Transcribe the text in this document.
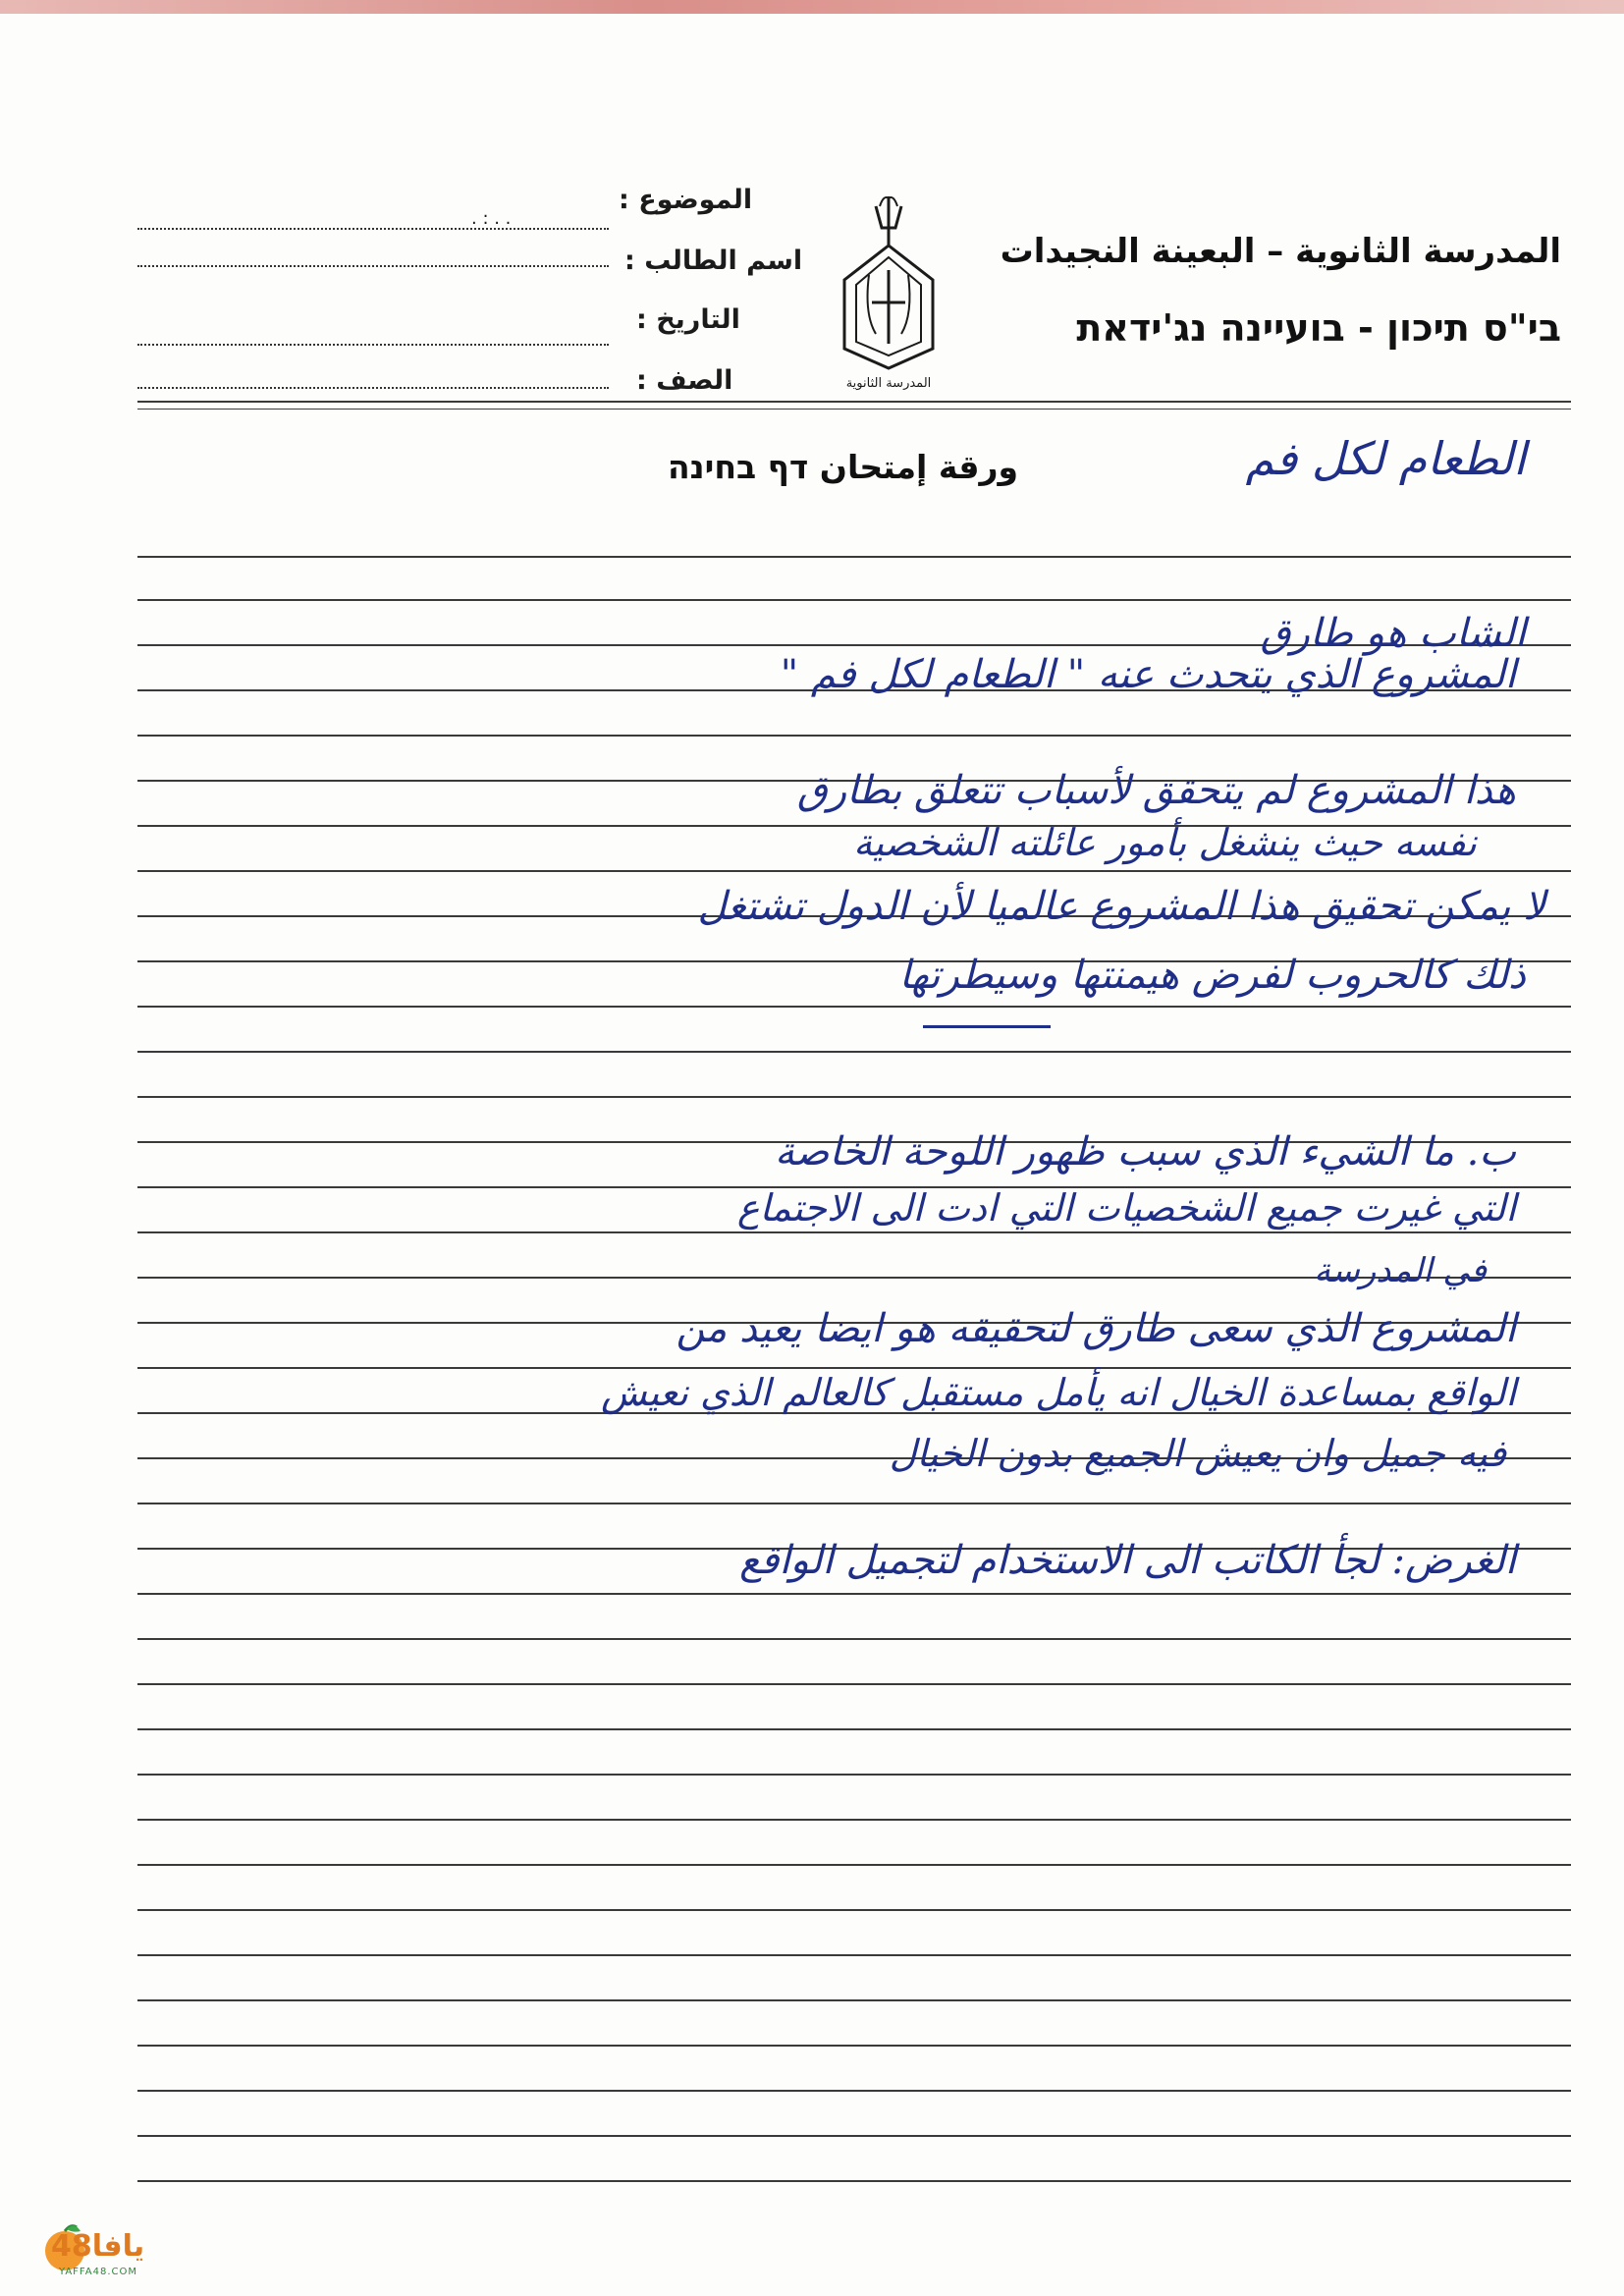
الموضوع :
. . : .
اسم الطالب :
التاريخ :
الصف :	المدرسة الثانوية
المدرسة الثانوية – البعينة النجيدات
בי"ס תיכון - בועיינה נג'ידאת
ورقة إمتحان דף בחינה	الطعام لكل فم
الشاب هو طارق
المشروع الذي يتحدث عنه " الطعام لكل فم "
هذا المشروع لم يتحقق لأسباب تتعلق بطارق
نفسه حيث ينشغل بأمور عائلته الشخصية
لا يمكن تحقيق هذا المشروع عالميا لأن الدول تشتغل
ذلك كالحروب لفرض هيمنتها وسيطرتها
ب. ما الشيء الذي سبب ظهور اللوحة الخاصة
التي غيرت جميع الشخصيات التي ادت الى الاجتماع
في المدرسة
المشروع الذي سعى طارق لتحقيقه هو ايضا يعيد من
الواقع بمساعدة الخيال انه يأمل مستقبل كالعالم الذي نعيش
فيه جميل وان يعيش الجميع بدون الخيال
الغرض: لجأ الكاتب الى الاستخدام لتجميل الواقع
يافا48
YAFFA48.COM
